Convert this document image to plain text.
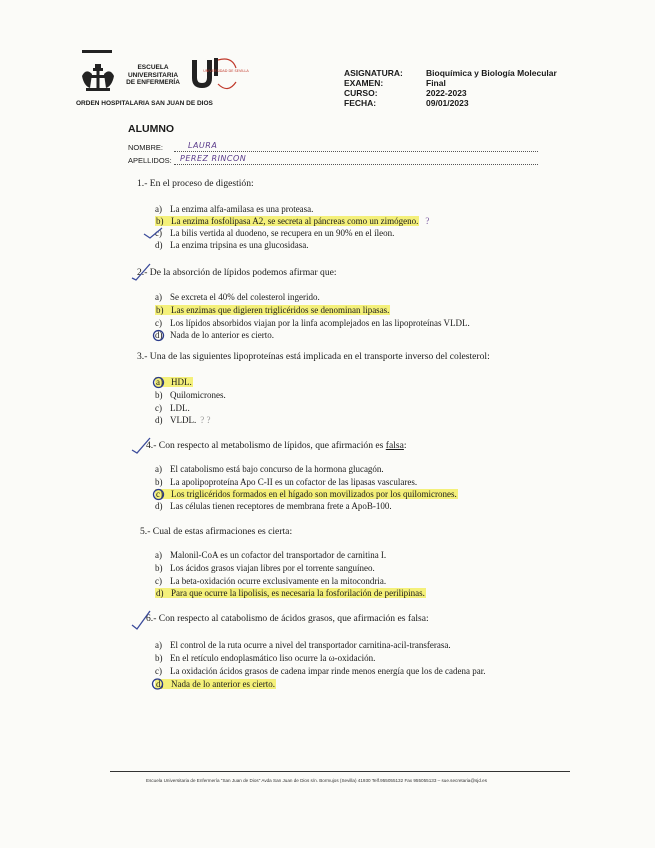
ESCUELA
UNIVERSITARIA
DE ENFERMERÍA
UNIVERSIDAD DE SEVILLA
ORDEN HOSPITALARIA SAN JUAN DE DIOS
ASIGNATURA:	Bioquímica y Biología Molecular
EXAMEN:	Final
CURSO:	2022-2023
FECHA:	09/01/2023
ALUMNO
NOMBRE:	LAURA
APELLIDOS: PEREZ RINCON
1.- En el proceso de digestión:
a) La enzima alfa-amilasa es una proteasa.
b) La enzima fosfolipasa A2, se secreta al páncreas como un zimógeno. ?
c) La bilis vertida al duodeno, se recupera en un 90% en el íleon.
d) La enzima tripsina es una glucosidasa.
2.- De la absorción de lípidos podemos afirmar que:
a) Se excreta el 40% del colesterol ingerido.
b) Las enzimas que digieren triglicéridos se denominan lipasas.
c) Los lípidos absorbidos viajan por la linfa acomplejados en las lipoproteínas VLDL.
d) Nada de lo anterior es cierto.
3.- Una de las siguientes lipoproteínas está implicada en el transporte inverso del colesterol:
a) HDL.
b) Quilomicrones.
c) LDL.
d) VLDL. ? ?
4.- Con respecto al metabolismo de lípidos, que afirmación es falsa:
a) El catabolismo está bajo concurso de la hormona glucagón.
b) La apolipoproteína Apo C-II es un cofactor de las lipasas vasculares.
c) Los triglicéridos formados en el hígado son movilizados por los quilomicrones.
d) Las células tienen receptores de membrana frete a ApoB-100.
5.- Cual de estas afirmaciones es cierta:
a) Malonil-CoA es un cofactor del transportador de carnitina I.
b) Los ácidos grasos viajan libres por el torrente sanguíneo.
c) La beta-oxidación ocurre exclusivamente en la mitocondria.
d) Para que ocurre la lipolisis, es necesaria la fosforilación de perilipinas.
6.- Con respecto al catabolismo de ácidos grasos, que afirmación es falsa:
a) El control de la ruta ocurre a nivel del transportador carnitina-acil-transferasa.
b) En el retículo endoplasmático liso ocurre la ω-oxidación.
c) La oxidación ácidos grasos de cadena impar rinde menos energía que los de cadena par.
d) Nada de lo anterior es cierto.
Escuela Universitaria de Enfermería "San Juan de Dios" Avda San Juan de Dios s/n. Bormujos (Sevilla) 41930 Telf.955055132 Fax 955055133 – sue.secretaria@sjd.es
